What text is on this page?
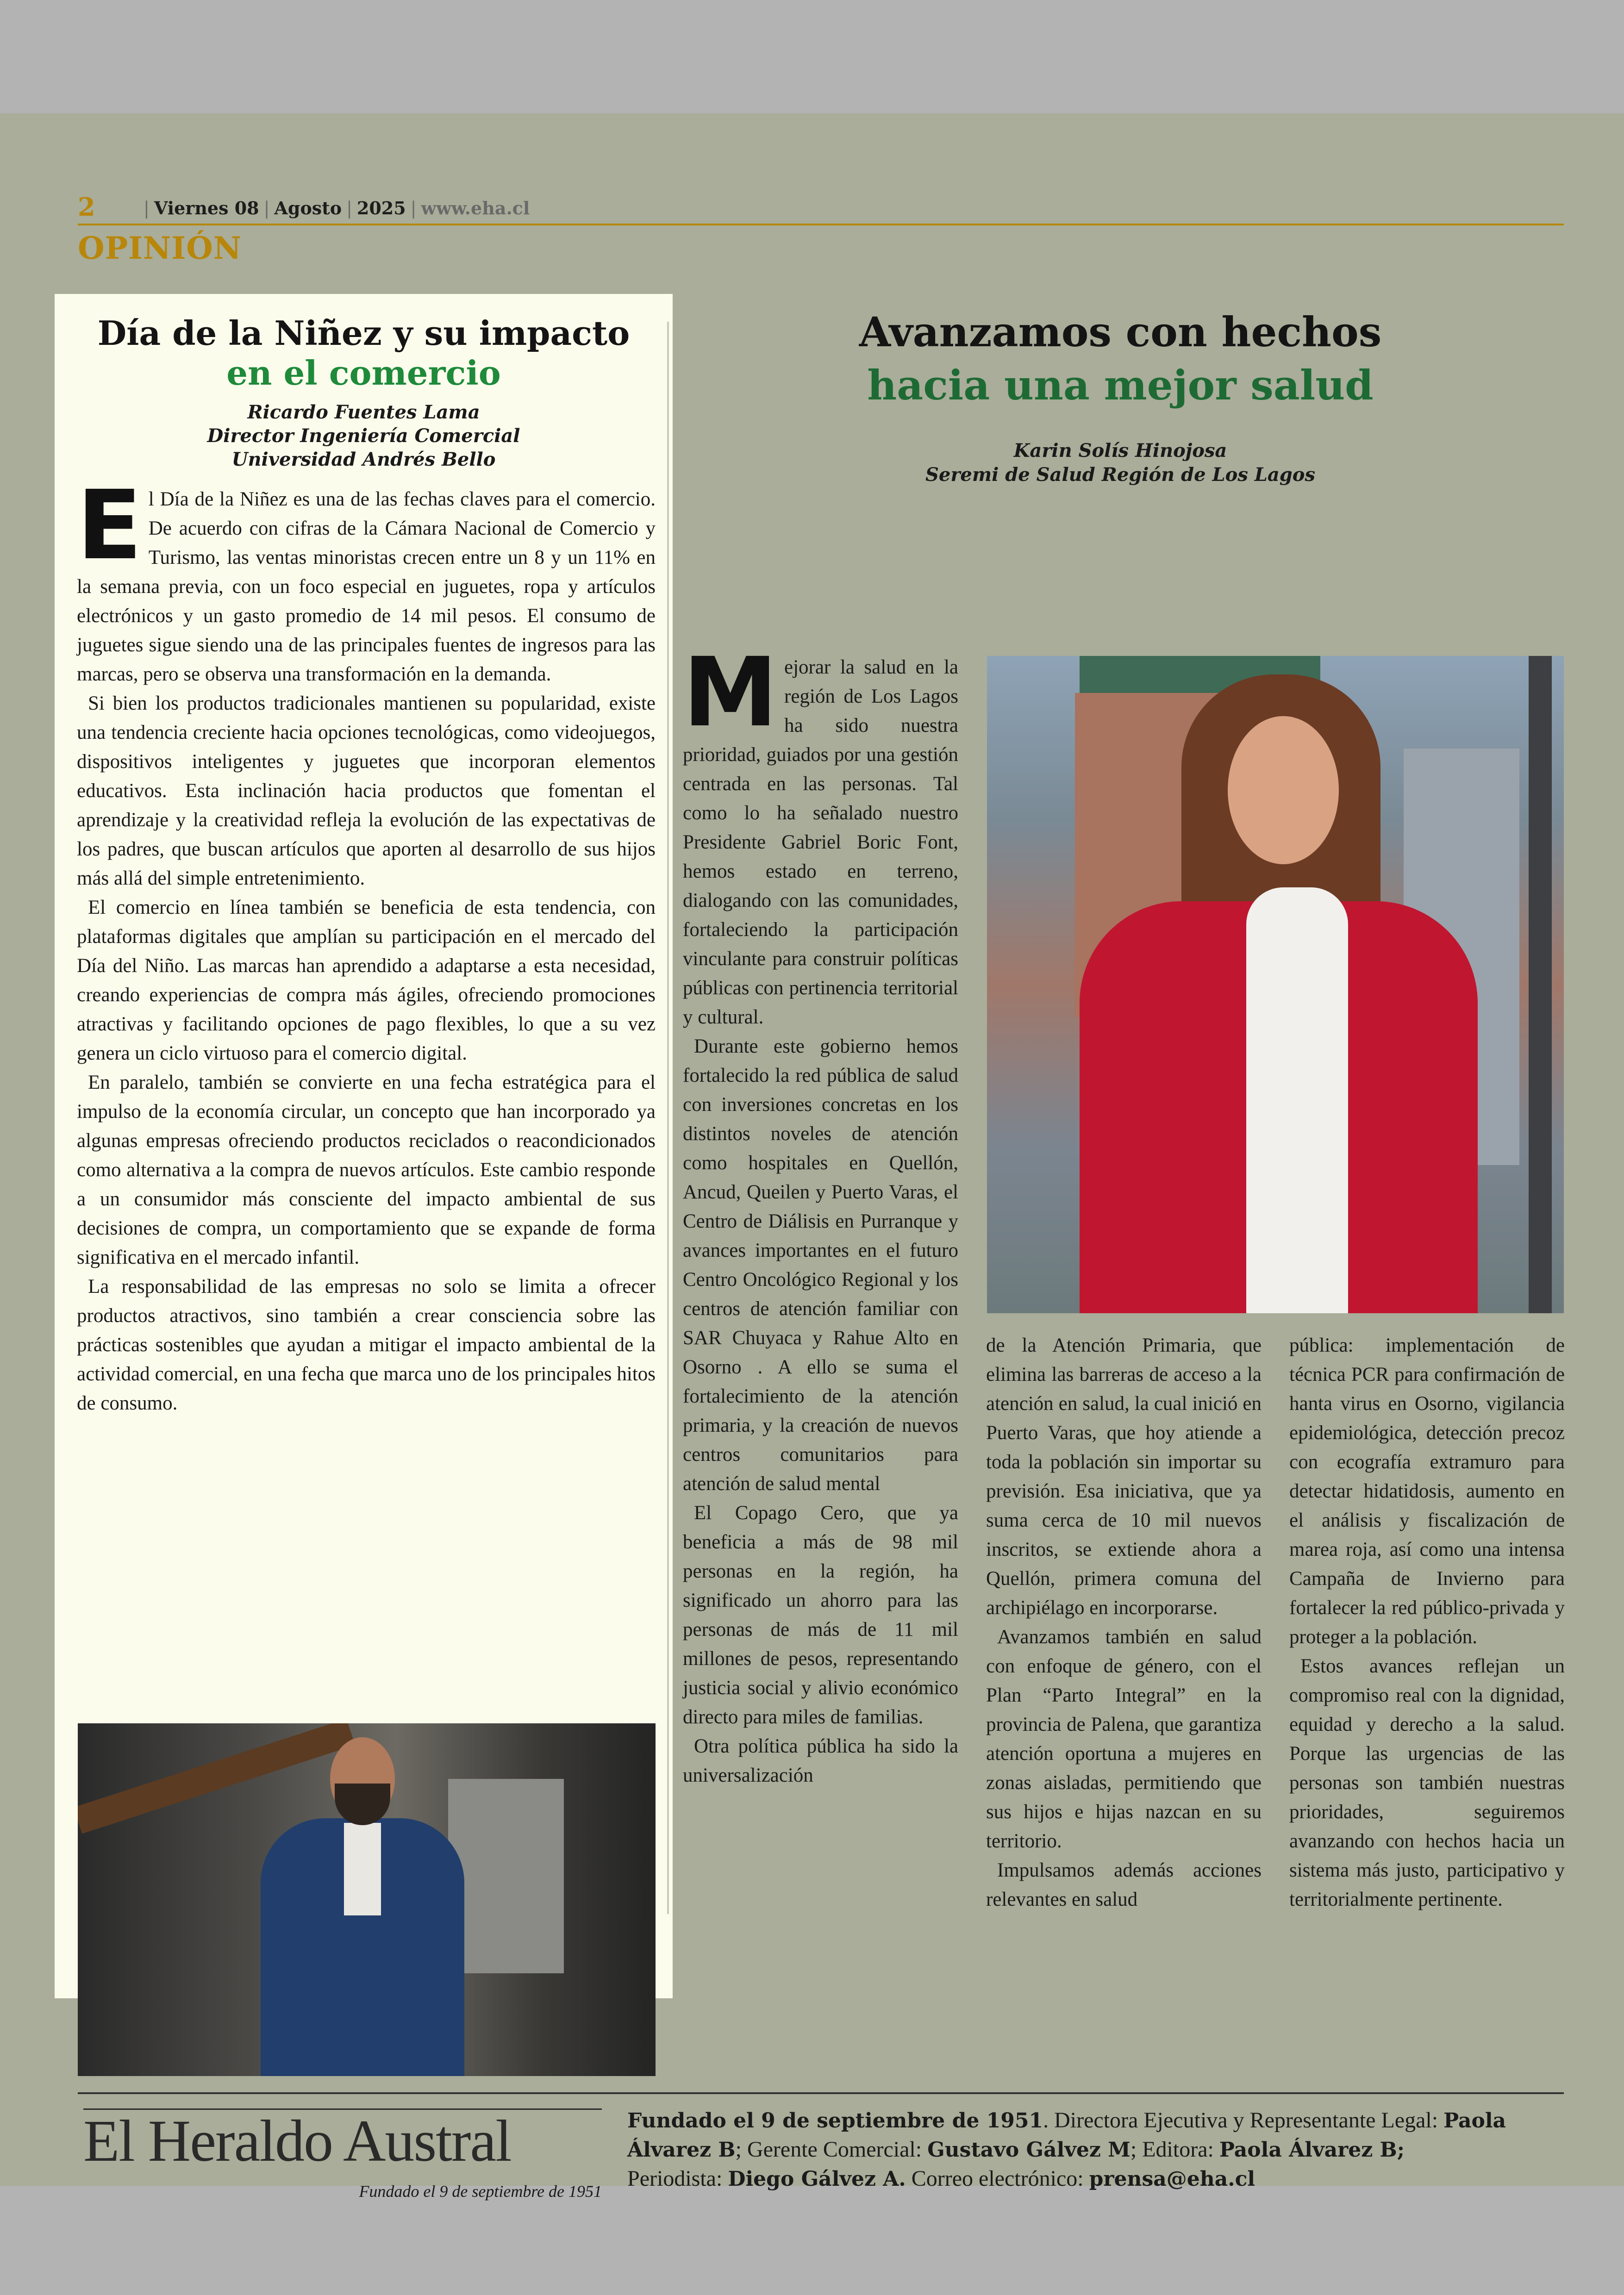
2	| Viernes 08 | Agosto | 2025 | www.eha.cl
OPINIÓN
Día de la Niñez y su impacto
en el comercio
Ricardo Fuentes Lama
Director Ingeniería Comercial
Universidad Andrés Bello

El Día de la Niñez es una de las fechas claves para el comercio. De acuerdo con cifras de la Cámara Nacional de Comercio y Turismo, las ventas minoristas crecen entre un 8 y un 11% en la semana previa, con un foco especial en juguetes, ropa y artículos electrónicos y un gasto promedio de 14 mil pesos. El consumo de juguetes sigue siendo una de las principales fuentes de ingresos para las marcas, pero se observa una transformación en la demanda.

Si bien los productos tradicionales mantienen su popularidad, existe una tendencia creciente hacia opciones tecnológicas, como videojuegos, dispositivos inteligentes y juguetes que incorporan elementos educativos. Esta inclinación hacia productos que fomentan el aprendizaje y la creatividad refleja la evolución de las expectativas de los padres, que buscan artículos que aporten al desarrollo de sus hijos más allá del simple entretenimiento.

El comercio en línea también se beneficia de esta tendencia, con plataformas digitales que amplían su participación en el mercado del Día del Niño. Las marcas han aprendido a adaptarse a esta necesidad, creando experiencias de compra más ágiles, ofreciendo promociones atractivas y facilitando opciones de pago flexibles, lo que a su vez genera un ciclo virtuoso para el comercio digital.

En paralelo, también se convierte en una fecha estratégica para el impulso de la economía circular, un concepto que han incorporado ya algunas empresas ofreciendo productos reciclados o reacondicionados como alternativa a la compra de nuevos artículos. Este cambio responde a un consumidor más consciente del impacto ambiental de sus decisiones de compra, un comportamiento que se expande de forma significativa en el mercado infantil.

La responsabilidad de las empresas no solo se limita a ofrecer productos atractivos, sino también a crear consciencia sobre las prácticas sostenibles que ayudan a mitigar el impacto ambiental de la actividad comercial, en una fecha que marca uno de los principales hitos de consumo.

Avanzamos con hechos
hacia una mejor salud
Karin Solís Hinojosa
Seremi de Salud Región de Los Lagos

Mejorar la salud en la región de Los Lagos ha sido nuestra prioridad, guiados por una gestión centrada en las personas. Tal como lo ha señalado nuestro Presidente Gabriel Boric Font, hemos estado en terreno, dialogando con las comunidades, fortaleciendo la participación vinculante para construir políticas públicas con pertinencia territorial y cultural.

Durante este gobierno hemos fortalecido la red pública de salud con inversiones concretas en los distintos noveles de atención como hospitales en Quellón, Ancud, Queilen y Puerto Varas, el Centro de Diálisis en Purranque y avances importantes en el futuro Centro Oncológico Regional y los centros de atención familiar con SAR Chuyaca y Rahue Alto en Osorno . A ello se suma el fortalecimiento de la atención primaria, y la creación de nuevos centros comunitarios para atención de salud mental

El Copago Cero, que ya beneficia a más de 98 mil personas en la región, ha significado un ahorro para las personas de más de 11 mil millones de pesos, representando justicia social y alivio económico directo para miles de familias.

Otra política pública ha sido la universalización

de la Atención Primaria, que elimina las barreras de acceso a la atención en salud, la cual inició en Puerto Varas, que hoy atiende a toda la población sin importar su previsión. Esa iniciativa, que ya suma cerca de 10 mil nuevos inscritos, se extiende ahora a Quellón, primera comuna del archipiélago en incorporarse.

Avanzamos también en salud con enfoque de género, con el Plan “Parto Integral” en la provincia de Palena, que garantiza atención oportuna a mujeres en zonas aisladas, permitiendo que sus hijos e hijas nazcan en su territorio.

Impulsamos además acciones relevantes en salud

pública: implementación de técnica PCR para confirmación de hanta virus en Osorno, vigilancia epidemiológica, detección precoz con ecografía extramuro para detectar hidatidosis, aumento en el análisis y fiscalización de marea roja, así como una intensa Campaña de Invierno para fortalecer la red público-privada y proteger a la población.

Estos avances reflejan un compromiso real con la dignidad, equidad y derecho a la salud. Porque las urgencias de las personas son también nuestras prioridades, seguiremos avanzando con hechos hacia un sistema más justo, participativo y territorialmente pertinente.

El Heraldo Austral
Fundado el 9 de septiembre de 1951
Fundado el 9 de septiembre de 1951. Directora Ejecutiva y Representante Legal: Paola Álvarez B; Gerente Comercial: Gustavo Gálvez M; Editora: Paola Álvarez B;
Periodista: Diego Gálvez A. Correo electrónico: prensa@eha.cl
